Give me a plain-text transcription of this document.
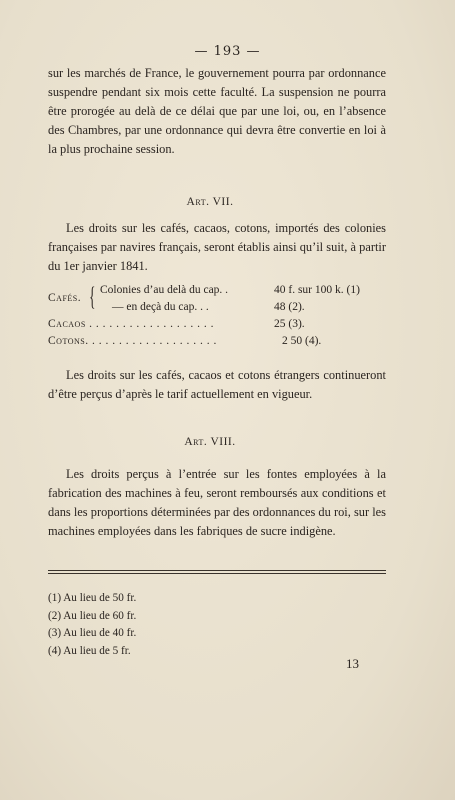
— 193 —
sur les marchés de France, le gouvernement pourra par ordonnance suspendre pendant six mois cette faculté. La suspension ne pourra être prorogée au delà de ce délai que par une loi, ou, en l’absence des Chambres, par une ordonnance qui devra être convertie en loi à la plus prochaine session.
Art. VII.
Les droits sur les cafés, cacaos, cotons, importés des colonies françaises par navires français, seront établis ainsi qu’il suit, à partir du 1er janvier 1841.
Cafés. { Colonies d’au delà du cap. .	40 f. sur 100 k. (1)
— en deçà du cap. . .	48 (2).
Cacaos . . . . . . . . . . . . . . . . . . .	25 (3).
Cotons. . . . . . . . . . . . . . . . . . . .	2 50 (4).
Les droits sur les cafés, cacaos et cotons étrangers continueront d’être perçus d’après le tarif actuellement en vigueur.
Art. VIII.
Les droits perçus à l’entrée sur les fontes employées à la fabrication des machines à feu, seront remboursés aux conditions et dans les proportions déterminées par des ordonnances du roi, sur les machines employées dans les fabriques de sucre indigène.
(1) Au lieu de 50 fr.
(2) Au lieu de 60 fr.
(3) Au lieu de 40 fr.
(4) Au lieu de 5 fr.
13
